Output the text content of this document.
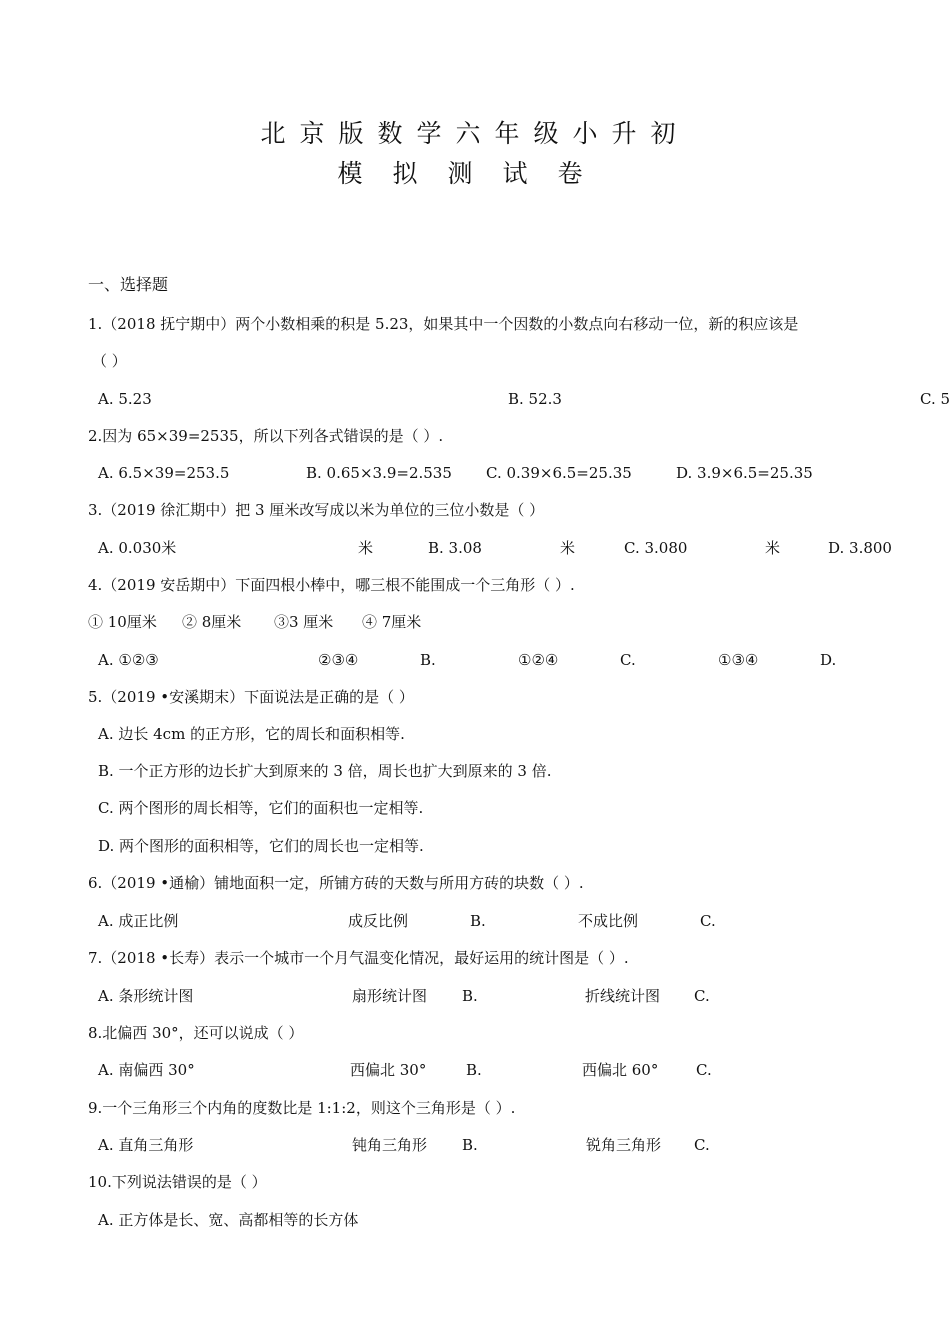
北京版数学六年级小升初
模拟测试卷
一、选择题
1.（2018 抚宁期中）两个小数相乘的积是 5.23，如果其中一个因数的小数点向右移动一位，新的积应该是
（ ）
A. 5.23	B. 52.3	C. 5
2.因为 65×39=2535，所以下列各式错误的是（ ）.
A. 6.5×39=253.5	B. 0.65×3.9=2.535 C. 0.39×6.5=25.35	D. 3.9×6.5=25.35
3.（2019 徐汇期中）把 3 厘米改写成以米为单位的三位小数是（ ）
A. 0.030米	米	B. 3.08	米	C. 3.080	米	D. 3.800
4.（2019 安岳期中）下面四根小棒中，哪三根不能围成一个三角形（ ）.
① 10厘米 ② 8厘米 ③3 厘米 ④ 7厘米
A. ①②③	②③④	B.	①②④	C.	①③④	D.
5.（2019 •安溪期末）下面说法是正确的是（ ）
A. 边长 4cm 的正方形，它的周长和面积相等.
B. 一个正方形的边长扩大到原来的 3 倍，周长也扩大到原来的 3 倍.
C. 两个图形的周长相等，它们的面积也一定相等.
D. 两个图形的面积相等，它们的周长也一定相等.
6.（2019 •通榆）铺地面积一定，所铺方砖的天数与所用方砖的块数（ ）.
A. 成正比例	成反比例	B.	不成比例	C.
7.（2018 •长寿）表示一个城市一个月气温变化情况，最好运用的统计图是（ ）.
A. 条形统计图	扇形统计图 B.	折线统计图 C.
8.北偏西 30°，还可以说成（ ）
A. 南偏西 30°	西偏北 30°	B.	西偏北 60°	C.
9.一个三角形三个内角的度数比是 1:1:2，则这个三角形是（ ）.
A. 直角三角形	钝角三角形 B.	锐角三角形 C.
10.下列说法错误的是（ ）
A. 正方体是长、宽、高都相等的长方体
